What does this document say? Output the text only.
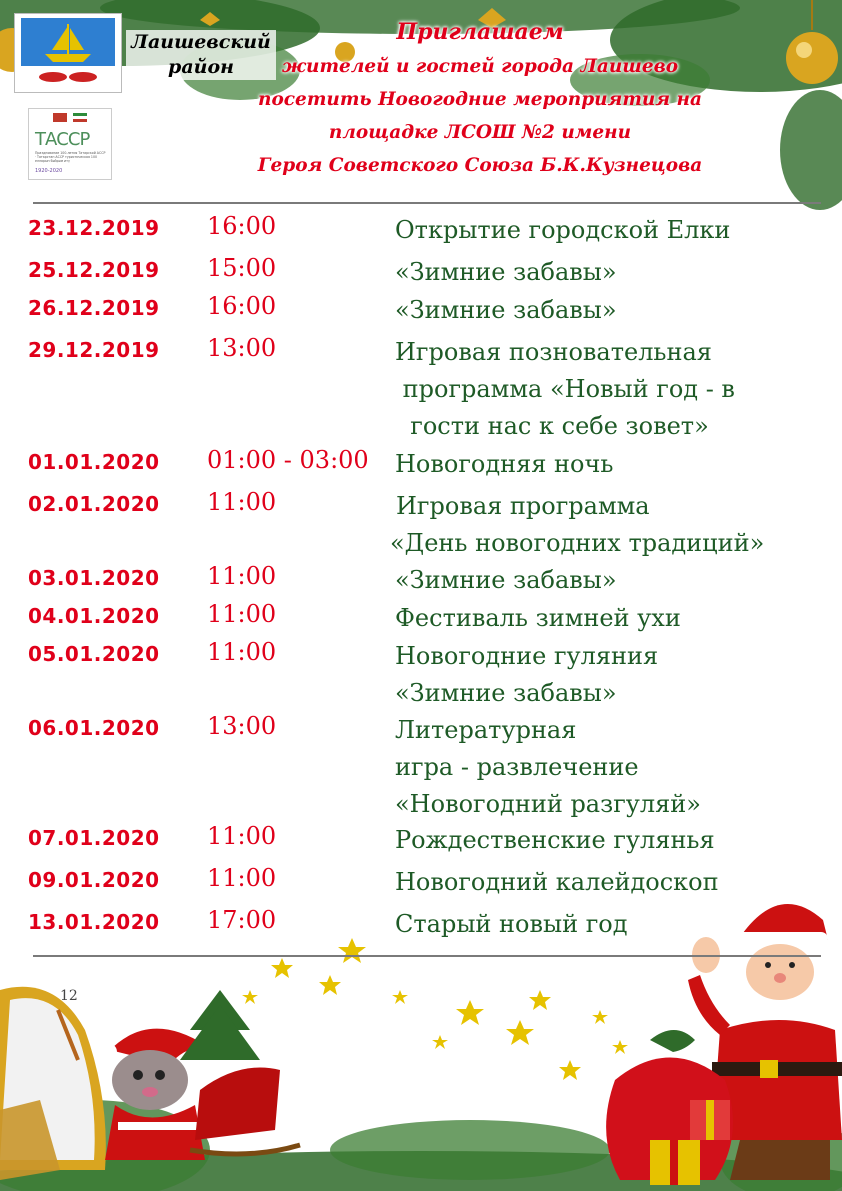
12
Лаишевский
район
ТАССР
Празднование 100-летия Татарской АССР · Татарстан АССР туристическая 100 елларын бәйрәм итү
1920-2020
Приглашаем
жителей и гостей города Лаишево
посетить Новогодние мероприятия на
площадке ЛСОШ №2 имени
Героя Советского Союза Б.К.Кузнецова
23.12.2019 16:00	Открытие городской Елки
25.12.2019 15:00	«Зимние забавы»
26.12.2019 16:00	«Зимние забавы»
29.12.2019 13:00	Игровая позновательная
программа «Новый год - в
гости нас к себе зовет»
01.01.2020 01:00 - 03:00 Новогодняя ночь
02.01.2020 11:00	Игровая программа
«День новогодних традиций»
03.01.2020 11:00	«Зимние забавы»
04.01.2020 11:00	Фестиваль зимней ухи
05.01.2020 11:00	Новогодние гуляния
«Зимние забавы»
06.01.2020 13:00	Литературная
игра - развлечение
«Новогодний разгуляй»
07.01.2020 11:00	Рождественские гулянья
09.01.2020 11:00	Новогодний калейдоскоп
13.01.2020 17:00	Старый новый год
